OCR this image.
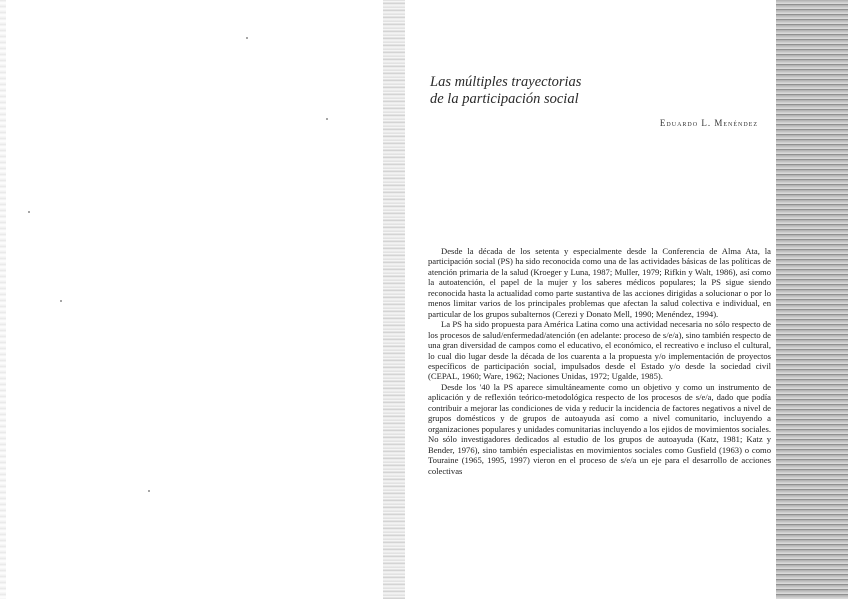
Las múltiples trayectorias
de la participación social
Eduardo L. Menéndez

Desde la década de los setenta y especialmente desde la Conferencia de Alma Ata, la participación social (PS) ha sido reconocida como una de las actividades básicas de las políticas de atención primaria de la salud (Kroeger y Luna, 1987; Muller, 1979; Rifkin y Walt, 1986), así como la autoatención, el papel de la mujer y los saberes médicos populares; la PS sigue siendo reconocida hasta la actualidad como parte sustantiva de las acciones dirigidas a solucionar o por lo menos limitar varios de los principales problemas que afectan la salud colectiva e individual, en particular de los grupos subalternos (Cerezi y Donato Mell, 1990; Menéndez, 1994).

La PS ha sido propuesta para América Latina como una actividad necesaria no sólo respecto de los procesos de salud/enfermedad/atención (en adelante: proceso de s/e/a), sino también respecto de una gran diversidad de campos como el educativo, el económico, el recreativo e incluso el cultural, lo cual dio lugar desde la década de los cuarenta a la propuesta y/o implementación de proyectos específicos de participación social, impulsados desde el Estado y/o desde la sociedad civil (CEPAL, 1960; Ware, 1962; Naciones Unidas, 1972; Ugalde, 1985).

Desde los '40 la PS aparece simultáneamente como un objetivo y como un instrumento de aplicación y de reflexión teórico-metodológica respecto de los procesos de s/e/a, dado que podía contribuir a mejorar las condiciones de vida y reducir la incidencia de factores negativos a nivel de grupos domésticos y de grupos de autoayuda así como a nivel comunitario, incluyendo a organizaciones populares y unidades comunitarias incluyendo a los ejidos de movimientos sociales. No sólo investigadores dedicados al estudio de los grupos de autoayuda (Katz, 1981; Katz y Bender, 1976), sino también especialistas en movimientos sociales como Gusfield (1963) o como Touraine (1965, 1995, 1997) vieron en el proceso de s/e/a un eje para el desarrollo de acciones colectivas
